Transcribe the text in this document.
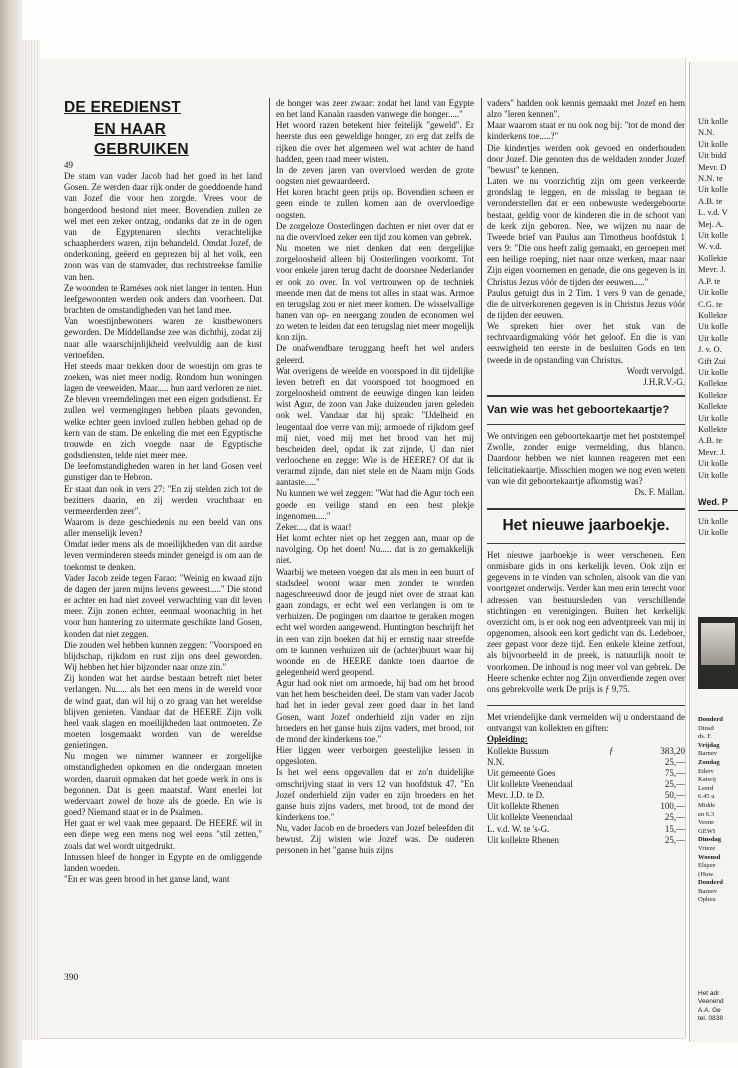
DE EREDIENST
EN HAAR GEBRUIKEN

49

De stam van vader Jacob had het goed in het land Gosen. Ze werden daar rijk onder de goeddoende hand van Jozef die voor hen zorgde. Vrees voor de hongerdood bestond niet meer. Bovendien zullen ze wel met een zeker ontzag, ondanks dat ze in de ogen van de Egyptenaren slechts verachtelijke schaapherders waren, zijn behandeld. Omdat Jozef, de onderkoning, geëerd en geprezen bij al het volk, een zoon was van de stamvader, dus rechtstreekse familie van hen.

Ze woonden te Raméses ook niet langer in tenten. Hun leefgewoonten werden ook anders dan voorheen. Dat brachten de omstandigheden van het land mee.

Van woestijnbewoners waren ze kustbewoners geworden. De Middellandse zee was dichtbij, zodat zij naar alle waarschijnlijkheid veelvuldig aan de kust vertoefden.

Het steeds maar trekken door de woestijn om gras te zoeken, was niet meer nodig. Rondom hun woningen lagen de veeweiden. Maar..... hun aard verloren ze niet. Ze bleven vreemdelingen met een eigen godsdienst. Er zullen wel vermengingen hebben plaats gevonden, welke echter geen invloed zullen hebben gehad op de kern van de stam. De enkeling die met een Egyptische trouwde en zich voegde naar de Egyptische godsdiensten, telde niet meer mee.

De leefomstandigheden waren in het land Gosen veel gunstiger dan te Hebron.

Er staat dan ook in vers 27: "En zij stelden zich tot de bezitters daarin, en zij werden vruchtbaar en vermeerderden zeer".

Waarom is deze geschiedenis nu een beeld van ons aller menselijk leven?

Omdat ieder mens als de moeilijkheden van dit aardse leven verminderen steeds minder geneigd is om aan de toekomst te denken.

Vader Jacob zeide tegen Farao: "Weinig en kwaad zijn de dagen der jaren mijns levens geweest....." Die stond er achter en had niet zoveel verwachting van dit leven meer. Zijn zonen echter, eenmaal woonachtig in het voor hun hantering zo uitermate geschikte land Gosen, konden dat niet zeggen.

Die zouden wel hebben kunnen zeggen: "Voorspoed en blijdschap, rijkdom en rust zijn ons deel geworden. Wij hebben het hier bijzonder naar onze zin."

Zij konden wat het aardse bestaan betreft niet beter verlangen. Nu..... als het een mens in de wereld voor de wind gaat, dan wil hij o zo graag van het wereldse blijven genieten. Vandaar dat de HEERE Zijn volk heel vaak slagen en moeilijkheden laat ontmoeten. Ze moeten losgemaakt worden van de wereldse genietingen.

Nu mogen we nimmer wanneer er zorgelijke omstandigheden opkomen en die ondergaan moeten worden, daaruit opmaken dat het goede werk in ons is begonnen. Dat is geen maatstaf. Want enerlei lot wedervaart zowel de boze als de goede. En wie is goed? Niemand staat er in de Psalmen.

Het gaat er wel vaak mee gepaard. De HEERE wil in een diepe weg een mens nog wel eens "stil zetten," zoals dat wel wordt uitgedrukt.

Intussen bleef de honger in Egypte en de omliggende landen woeden.

"En er was geen brood in het ganse land, want

de honger was zeer zwaar: zodat het land van Egypte en het land Kanaän raasden vanwege die honger....."

Het woord razen betekent hier feitelijk "geweld". Er heerste dus een geweldige honger, zo erg dat zelfs de rijken die over het algemeen wel wat achter de hand hadden, geen raad meer wisten.

In de zeven jaren van overvloed werden de grote oogsten niet gewaardeerd.

Het koren bracht geen prijs op. Bovendien scheen er geen einde te zullen komen aan de overvloedige oogsten.

De zorgeloze Oosterlingen dachten er niet over dat er na die overvloed zeker een tijd zou komen van gebrek.

Nu moeten we niet denken dat een dergelijke zorgeloosheid alleen bij Oosterlingen voorkomt. Tot voor enkele jaren terug dacht de doorsnee Nederlander er ook zo over. In vol vertrouwen op de techniek meende men dat de mens tot alles in staat was. Armoe en terugslag zou er niet meer komen. De wisselvallige banen van op- en neergang zouden de economen wel zo weten te leiden dat een terugslag niet meer mogelijk kon zijn.

De onafwendbare teruggang heeft het wel anders geleerd.

Wat overigens de weelde en voorspoed in dit tijdelijke leven betreft en dat voorspoed tot hoogmoed en zorgeloosheid omtrent de eeuwige dingen kan leiden wist Agur, de zoon van Jake duizenden jaren geleden ook wel. Vandaar dat hij sprak: "IJdelheid en leugentaal doe verre van mij; armoede of rijkdom geef mij niet, voed mij met het brood van het mij bescheiden deel, opdat ik zat zijnde, U dan niet verloochene en zegge: Wie is de HEERE? Of dat ik verarmd zijnde, dan niet stele en de Naam mijn Gods aantaste....."

Nu kunnen we wel zeggen: "Wat had die Agur toch een goede en veilige stand en een best plekje ingenomen....."

Zeker..... dat is waar!

Het komt echter niet op het zeggen aan, maar op de navolging. Op het doen! Nu..... dat is zo gemakkelijk niet.

Waarbij we meteen voegen dat als men in een buurt of stadsdeel woont waar men zonder te worden nageschreeuwd door de jeugd niet over de straat kan gaan zondags, er echt wel een verlangen is om te verhuizen. De pogingen om daartoe te geraken mogen echt wel worden aangewend. Huntington beschrijft het in een van zijn boeken dat hij er ernstig naar streefde om te kunnen verhuizen uit de (achter)buurt waar hij woonde en de HEERE dankte toen daartoe de gelegenheid werd geopend.

Agur had ook niet om armoede, hij bad om het brood van het hem bescheiden deel. De stam van vader Jacob had het in ieder geval zeer goed daar in het land Gosen, want Jozef onderhield zijn vader en zijn broeders en het ganse huis zijns vaders, met brood, tot de mond der kinderkens toe."

Hier liggen weer verborgen geestelijke lessen in opgesloten.

Is het wel eens opgevallen dat er zo'n duidelijke omschrijving staat in vers 12 van hoofdstuk 47. "En Jozef onderhield zijn vader en zijn broeders en het ganse huis zijns vaders, met brood, tot de mond der kinderkens toe."

Nu, vader Jacob en de broeders van Jozef beleefden dit bewust. Zij wisten wie Jozef was. De ouderen personen in het "ganse huis zijns

vaders" hadden ook kennis gemaakt met Jozef en hem alzo "leren kennen".

Maar waarom staat er nu ook nog bij: "tot de mond der kinderkens toe.....?"

Die kindertjes werden ook gevoed en onderhouden door Jozef. Die genoten dus de weldaden zonder Jozef "bewust" te kennen.

Laten we nu voorzichtig zijn om geen verkeerde grondslag te leggen, en de misslag te begaan te veronderstellen dat er een onbewuste wedergeboorte bestaat, geldig voor de kinderen die in de schoot van de kerk zijn geboren. Nee, we wijzen nu naar de Tweede brief van Paulus aan Timotheus hoofdstuk 1 vers 9: "Die ons heeft zalig gemaakt, en geroepen met een heilige roeping, niet naar onze werken, maar naar Zijn eigen voornemen en genade, die ons gegeven is in Christus Jezus vóór de tijden der eeuwen....."

Paulus getuigt dus in 2 Tim. 1 vers 9 van de genade, die de uitverkorenen gegeven is in Christus Jezus vóór de tijden der eeuwen.

We spreken hier over het stuk van de rechtvaardigmaking vóór het geloof. En die is van eeuwigheid ten eerste in de besluiten Gods en ten tweede in de opstanding van Christus.

Wordt vervolgd.

J.H.R.V.-G.

Van wie was het geboortekaartje?

We ontvingen een geboortekaartje met het poststempel Zwolle, zonder enige vermelding, dus blanco. Daardoor hebben we niet kunnen reageren met een felicitatiekaartje. Misschien mogen we nog even weten van wie dit geboortekaartje afkomstig was?

Ds. F. Mallan.

Het nieuwe jaarboekje.

Het nieuwe jaarboekje is weer verschenen. Een onmisbare gids in ons kerkelijk leven. Ook zijn er gegevens in te vinden van scholen, alsook van die van voortgezet onderwijs. Verder kan men erin terecht voor adressen van bestuursleden van verschillende stichtingen en verenigingen. Buiten het kerkelijk overzicht om, is er ook nog een adventpreek van mij in opgenomen, alsook een kort gedicht van ds. Ledeboer, zeer gepast voor deze tijd. Een enkele kleine zetfout, als bijvoorbeeld in de preek, is natuurlijk nooit te voorkomen. De inhoud is nog meer vol van gebrek. De Heere schenke echter nog Zijn onverdiende zegen over ons gebrekvolle werk De prijs is ƒ 9,75.

Met vriendelijke dank vermelden wij u onderstaand de ontvangst van kollekten en giften:

Opleiding:

Kollekte Bussum	ƒ	383,20
N.N.	25,—
Uit gemeente Goes	75,—
Uit kollekte Veenendaal	25,—
Mevr. J.D. te D.	50,—
Uit kollekte Rhenen	100,—
Uit kollekte Veenendaal	25,—
L. v.d. W. te 's-G.	15,—
Uit kollekte Rhenen	25,—
390
Uit kolle
N.N.
Uit kolle
Uit bidd
Mevr. D
N.N. te
Uit kolle
A.B. te
L. v.d. V
Mej. A.
Uit kolle
W. v.d.
Kollekte
Mevr. J.
A.P. te
Uit kolle
C.G. te
Kollekte
Uit kolle
Uit kolle
J. v. O.
Gift Zui
Uit kolle
Kollekte
Kollekte
Kollekte
Uit kolle
Kollekte
A.B. te
Mevr. J.
Uit kolle
Uit kolle
Wed. P
Uit kolle
Uit kolle
Donderd
Dinsd
ds. F.
Vrijdag
Barnev
Zondag
Ederv
Katwij
Leerd
6.45 u
Midde
en 6.3
Veene
GEWI
Dinsdag
Vrieze
Woensd
Elspee
(Huw.
Donderd
Barnev
Opheu
Het adr
Veenend
A.A. Ge
tel. 0838
